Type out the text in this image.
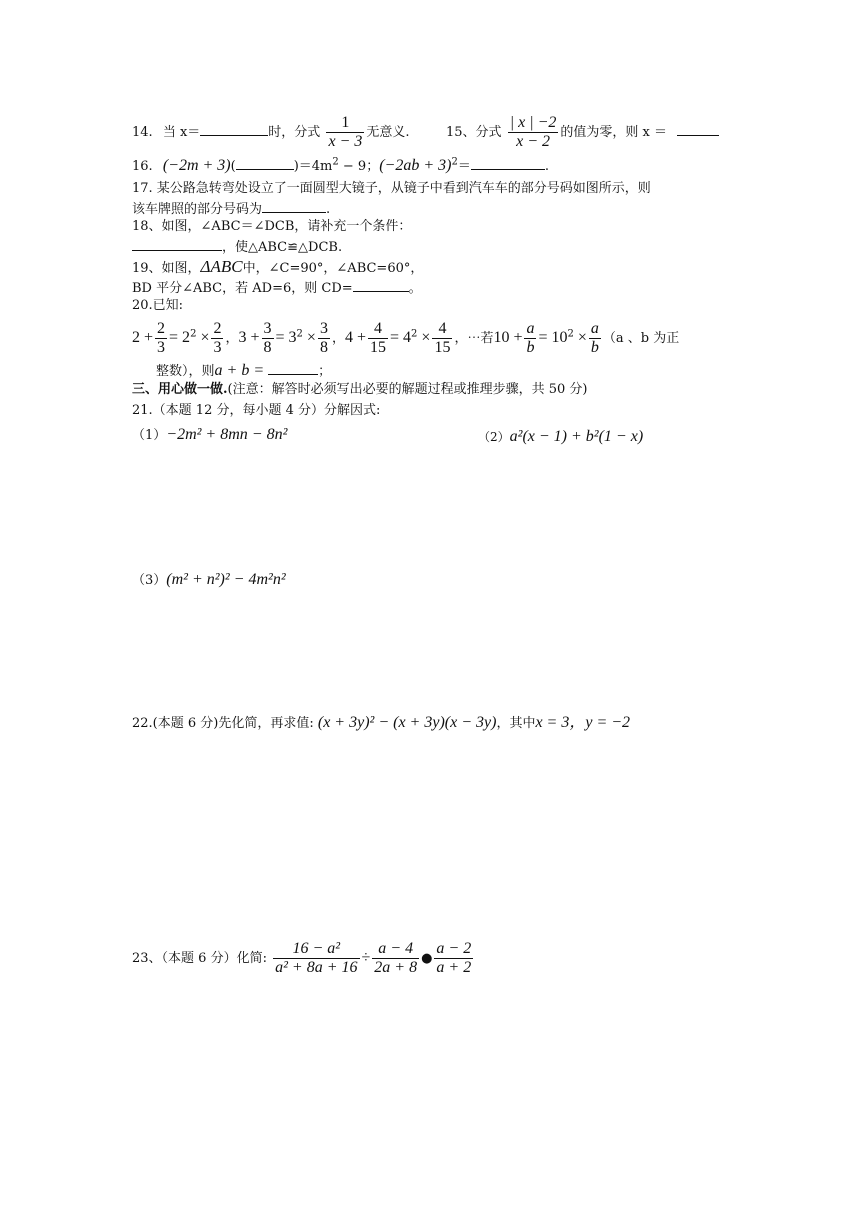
14. 当 x＝	时，分式 $\frac{1}{x - 3}$ 无意义.	15、分式 $\frac{| x | -2}{x - 2}$ 的值为零，则 x ＝
16. (−2m + 3)(	)$=4m^2 - 9$；$(-2ab + 3)^2=$	.
17. 某公路急转弯处设立了一面圆型大镜子，从镜子中看到汽车车的部分号码如图所示，则
该车牌照的部分号码为	.
18、如图，∠ABC＝∠DCB，请补充一个条件：
，使△ABC≌△DCB.
19、如图，ΔABC中，∠C=90°，∠ABC=60°，
BD 平分∠ABC，若 AD=6，则 CD=	。
20.已知:
$2 + \frac{2}{3} = 2^2 \times \frac{2}{3}$ ，$3 + \frac{3}{8} = 3^2 \times \frac{3}{8}$ ，$4 + \frac{4}{15} = 4^2 \times \frac{4}{15}$ ，⋯若$10 + \frac{a}{b} = 10^2 \times \frac{a}{b} (a$ 、b 为正
整数），则a + b =	；
三、用心做一做.(注意：解答时必须写出必要的解题过程或推理步骤，共 50 分)
21.（本题 12 分，每小题 4 分）分解因式:
（1）−2m² + 8mn − 8n²	（2）a²(x − 1) + b²(1 − x)
（3）(m² + n²)² − 4m²n²
22.(本题 6 分)先化简，再求值: (x + 3y)² − (x + 3y)(x − 3y)，其中x = 3，y = −2
23、（本题 6 分）化简: $\frac{\text{16 − a²}}{\text{a² + 8a + 16}} \div \frac{a - 4}{2a + 8}$ ● $\frac{a - 2}{a + 2}$
